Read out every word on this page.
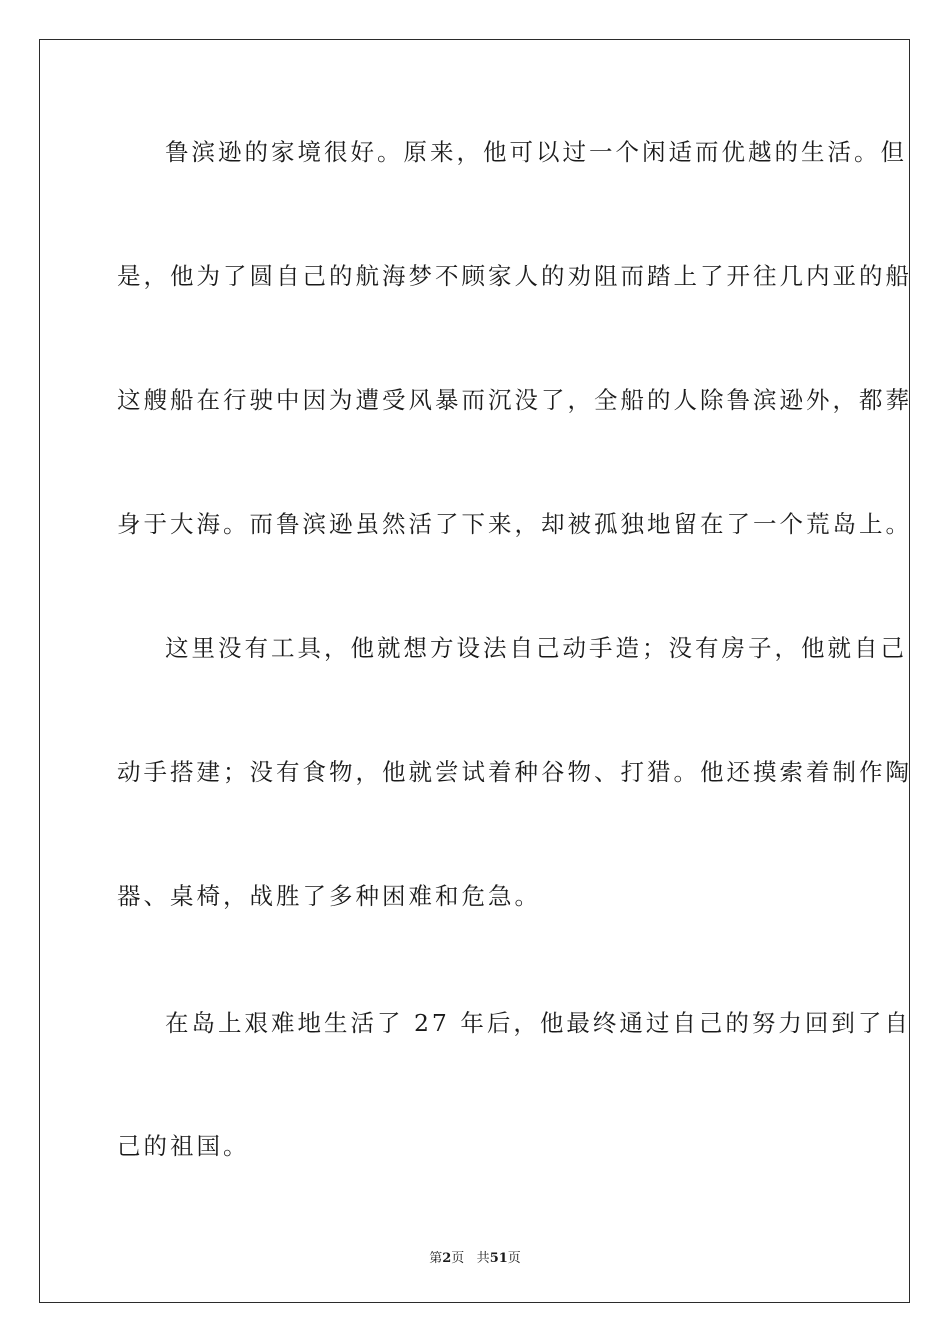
鲁滨逊的家境很好。原来，他可以过一个闲适而优越的生活。但
是，他为了圆自己的航海梦不顾家人的劝阻而踏上了开往几内亚的船
这艘船在行驶中因为遭受风暴而沉没了，全船的人除鲁滨逊外，都葬
身于大海。而鲁滨逊虽然活了下来，却被孤独地留在了一个荒岛上。
这里没有工具，他就想方设法自己动手造；没有房子，他就自己
动手搭建；没有食物，他就尝试着种谷物、打猎。他还摸索着制作陶
器、桌椅，战胜了多种困难和危急。
在岛上艰难地生活了 27 年后，他最终通过自己的努力回到了自
己的祖国。
第2页 共51页
